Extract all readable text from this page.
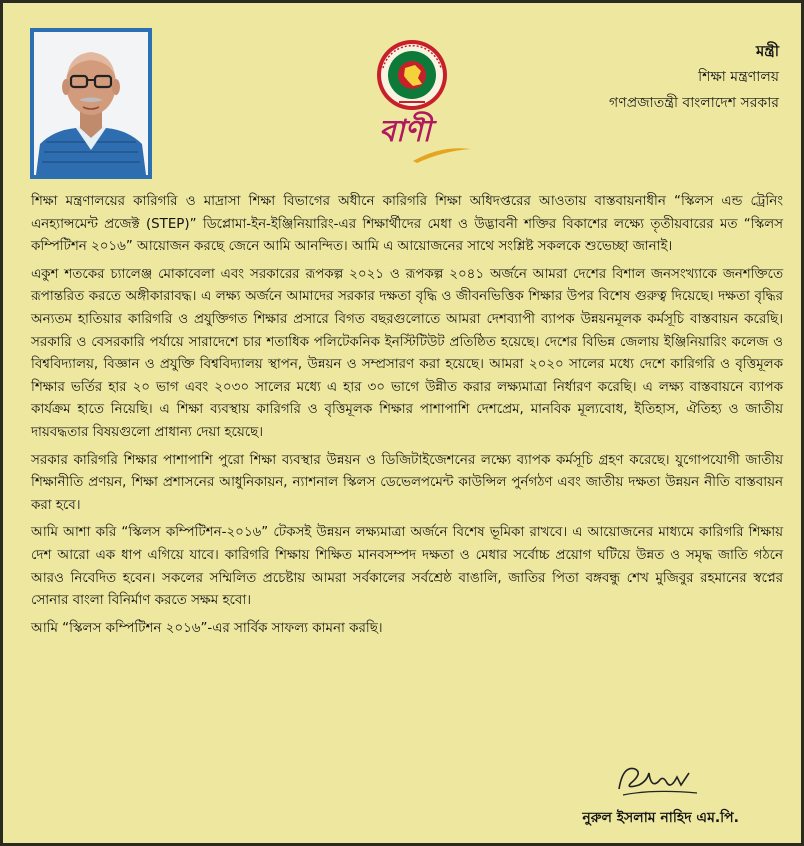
বাণী
মন্ত্রী
শিক্ষা মন্ত্রণালয়
গণপ্রজাতন্ত্রী বাংলাদেশ সরকার

শিক্ষা মন্ত্রণালয়ের কারিগরি ও মাদ্রাসা শিক্ষা বিভাগের অধীনে কারিগরি শিক্ষা অধিদপ্তরের আওতায় বাস্তবায়নাধীন “স্কিলস এন্ড ট্রেনিং এনহ্যান্সমেন্ট প্রজেক্ট (STEP)” ডিপ্লোমা-ইন-ইঞ্জিনিয়ারিং-এর শিক্ষার্থীদের মেধা ও উদ্ভাবনী শক্তির বিকাশের লক্ষ্যে তৃতীয়বারের মত “স্কিলস কম্পিটিশন ২০১৬” আয়োজন করছে জেনে আমি আনন্দিত। আমি এ আয়োজনের সাথে সংশ্লিষ্ট সকলকে শুভেচ্ছা জানাই।

একুশ শতকের চ্যালেঞ্জ মোকাবেলা এবং সরকারের রূপকল্প ২০২১ ও রূপকল্প ২০৪১ অর্জনে আমরা দেশের বিশাল জনসংখ্যাকে জনশক্তিতে রূপান্তরিত করতে অঙ্গীকারাবদ্ধ। এ লক্ষ্য অর্জনে আমাদের সরকার দক্ষতা বৃদ্ধি ও জীবনভিত্তিক শিক্ষার উপর বিশেষ গুরুত্ব দিয়েছে। দক্ষতা বৃদ্ধির অন্যতম হাতিয়ার কারিগরি ও প্রযুক্তিগত শিক্ষার প্রসারে বিগত বছরগুলোতে আমরা দেশব্যাপী ব্যাপক উন্নয়নমূলক কর্মসূচি বাস্তবায়ন করেছি। সরকারি ও বেসরকারি পর্যায়ে সারাদেশে চার শতাধিক পলিটেকনিক ইনস্টিটিউট প্রতিষ্ঠিত হয়েছে। দেশের বিভিন্ন জেলায় ইঞ্জিনিয়ারিং কলেজ ও বিশ্ববিদ্যালয়, বিজ্ঞান ও প্রযুক্তি বিশ্ববিদ্যালয় স্থাপন, উন্নয়ন ও সম্প্রসারণ করা হয়েছে। আমরা ২০২০ সালের মধ্যে দেশে কারিগরি ও বৃত্তিমূলক শিক্ষার ভর্তির হার ২০ ভাগ এবং ২০৩০ সালের মধ্যে এ হার ৩০ ভাগে উন্নীত করার লক্ষ্যমাত্রা নির্ধারণ করেছি। এ লক্ষ্য বাস্তবায়নে ব্যাপক কার্যক্রম হাতে নিয়েছি। এ শিক্ষা ব্যবস্থায় কারিগরি ও বৃত্তিমূলক শিক্ষার পাশাপাশি দেশপ্রেম, মানবিক মূল্যবোধ, ইতিহাস, ঐতিহ্য ও জাতীয় দায়বদ্ধতার বিষয়গুলো প্রাধান্য দেয়া হয়েছে।

সরকার কারিগরি শিক্ষার পাশাপাশি পুরো শিক্ষা ব্যবস্থার উন্নয়ন ও ডিজিটাইজেশনের লক্ষ্যে ব্যাপক কর্মসূচি গ্রহণ করেছে। যুগোপযোগী জাতীয় শিক্ষানীতি প্রণয়ন, শিক্ষা প্রশাসনের আধুনিকায়ন, ন্যাশনাল স্কিলস ডেভেলপমেন্ট কাউন্সিল পুর্নগঠণ এবং জাতীয় দক্ষতা উন্নয়ন নীতি বাস্তবায়ন করা হবে।

আমি আশা করি “স্কিলস কম্পিটিশন-২০১৬” টেকসই উন্নয়ন লক্ষ্যমাত্রা অর্জনে বিশেষ ভূমিকা রাখবে। এ আয়োজনের মাধ্যমে কারিগরি শিক্ষায় দেশ আরো এক ধাপ এগিয়ে যাবে। কারিগরি শিক্ষায় শিক্ষিত মানবসম্পদ দক্ষতা ও মেধার সর্বোচ্চ প্রয়োগ ঘটিয়ে উন্নত ও সমৃদ্ধ জাতি গঠনে আরও নিবেদিত হবেন। সকলের সম্মিলিত প্রচেষ্টায় আমরা সর্বকালের সর্বশ্রেষ্ঠ বাঙালি, জাতির পিতা বঙ্গবন্ধু শেখ মুজিবুর রহমানের স্বপ্নের সোনার বাংলা বিনির্মাণ করতে সক্ষম হবো।

আমি “স্কিলস কম্পিটিশন ২০১৬”-এর সার্বিক সাফল্য কামনা করছি।

নুরুল ইসলাম নাহিদ এম.পি.
